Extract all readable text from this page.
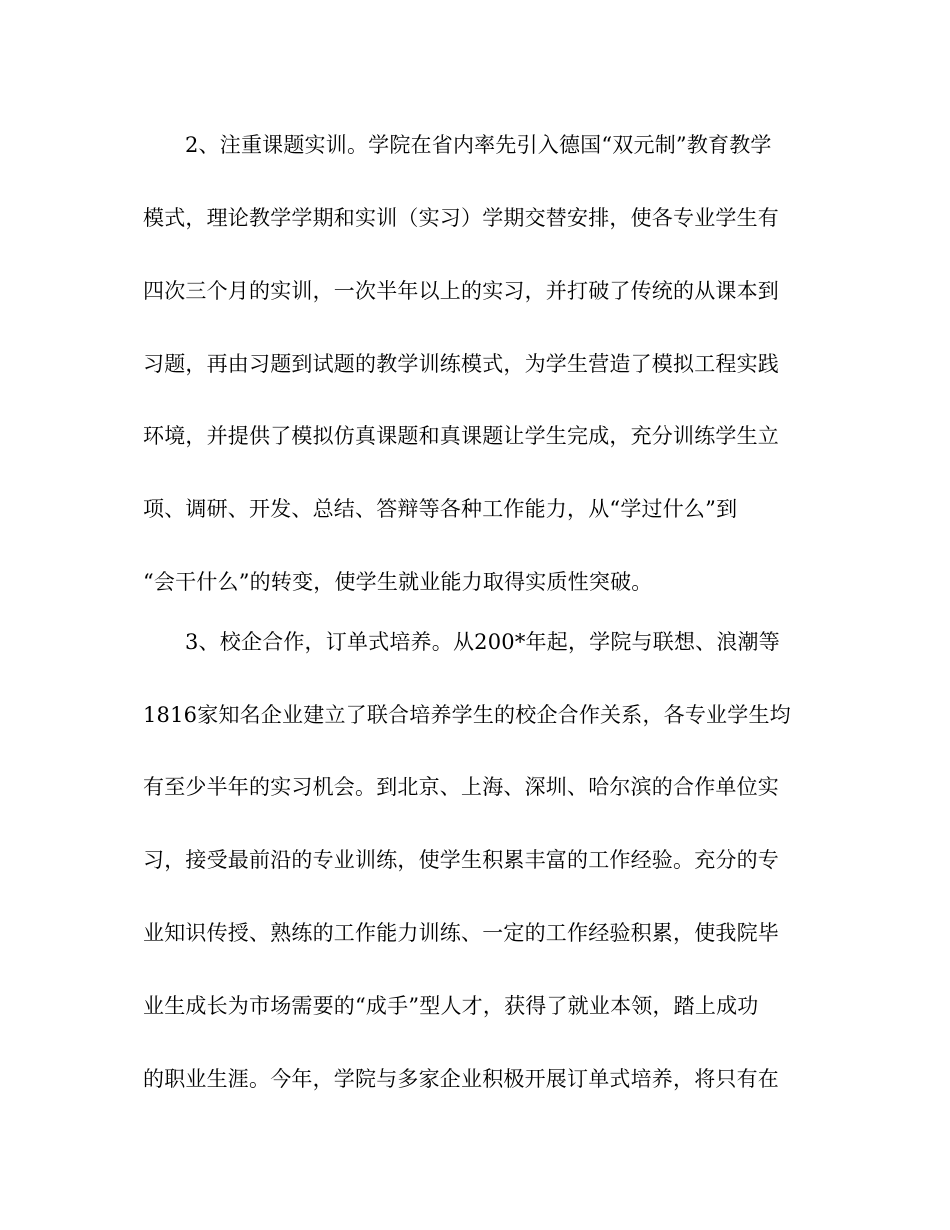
2、注重课题实训。学院在省内率先引入德国“双元制”教育教学
模式，理论教学学期和实训（实习）学期交替安排，使各专业学生有
四次三个月的实训，一次半年以上的实习，并打破了传统的从课本到
习题，再由习题到试题的教学训练模式，为学生营造了模拟工程实践
环境，并提供了模拟仿真课题和真课题让学生完成，充分训练学生立
项、调研、开发、总结、答辩等各种工作能力，从“学过什么”到
“会干什么”的转变，使学生就业能力取得实质性突破。
3、校企合作，订单式培养。从200*年起，学院与联想、浪潮等
1816家知名企业建立了联合培养学生的校企合作关系，各专业学生均
有至少半年的实习机会。到北京、上海、深圳、哈尔滨的合作单位实
习，接受最前沿的专业训练，使学生积累丰富的工作经验。充分的专
业知识传授、熟练的工作能力训练、一定的工作经验积累，使我院毕
业生成长为市场需要的“成手”型人才，获得了就业本领，踏上成功
的职业生涯。今年，学院与多家企业积极开展订单式培养，将只有在
